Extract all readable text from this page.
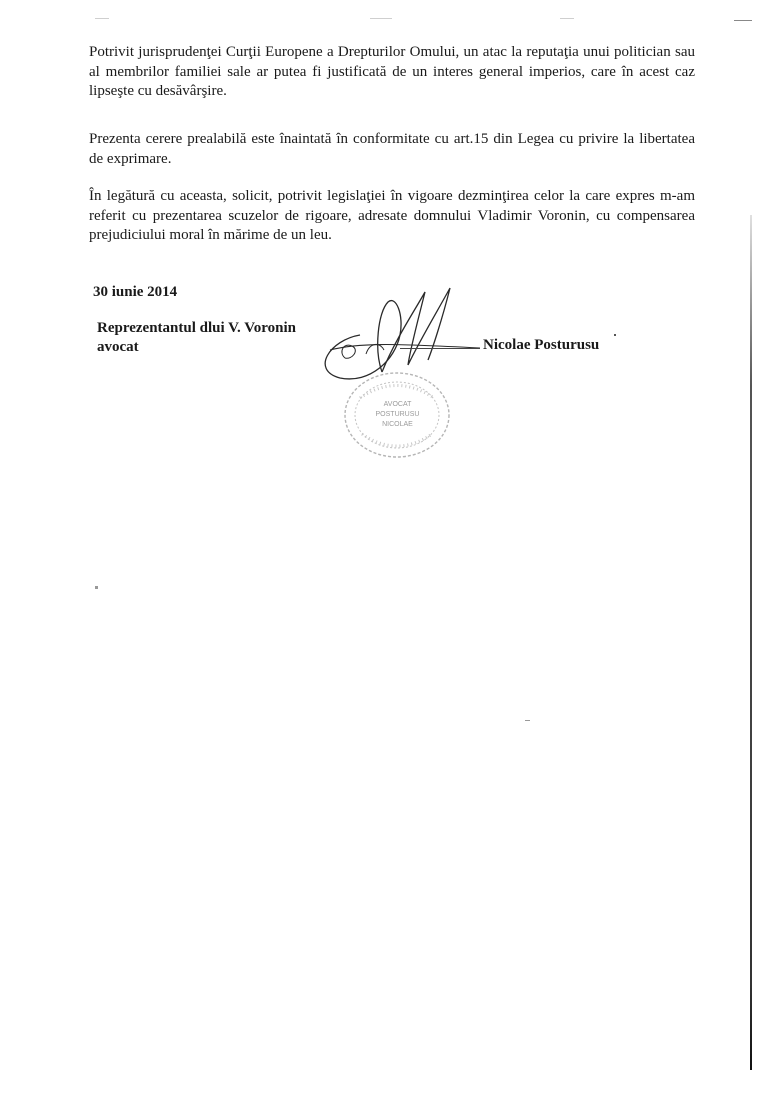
Potrivit jurisprudenţei Curţii Europene a Drepturilor Omului, un atac la reputaţia unui politician sau al membrilor familiei sale ar putea fi justificată de un interes general imperios, care în acest caz lipseşte cu desăvârşire.

Prezenta cerere prealabilă este înaintată în conformitate cu art.15 din Legea cu privire la libertatea de exprimare.

În legătură cu aceasta, solicit, potrivit legislaţiei în vigoare dezminţirea celor la care expres m-am referit cu prezentarea scuzelor de rigoare, adresate domnului Vladimir Voronin, cu compensarea prejudiciului moral în mărime de un leu.

30 iunie 2014
Reprezentantul dlui V. Voronin
avocat
AVOCAT
POSTURUSU
NICOLAE
Nicolae Posturusu
